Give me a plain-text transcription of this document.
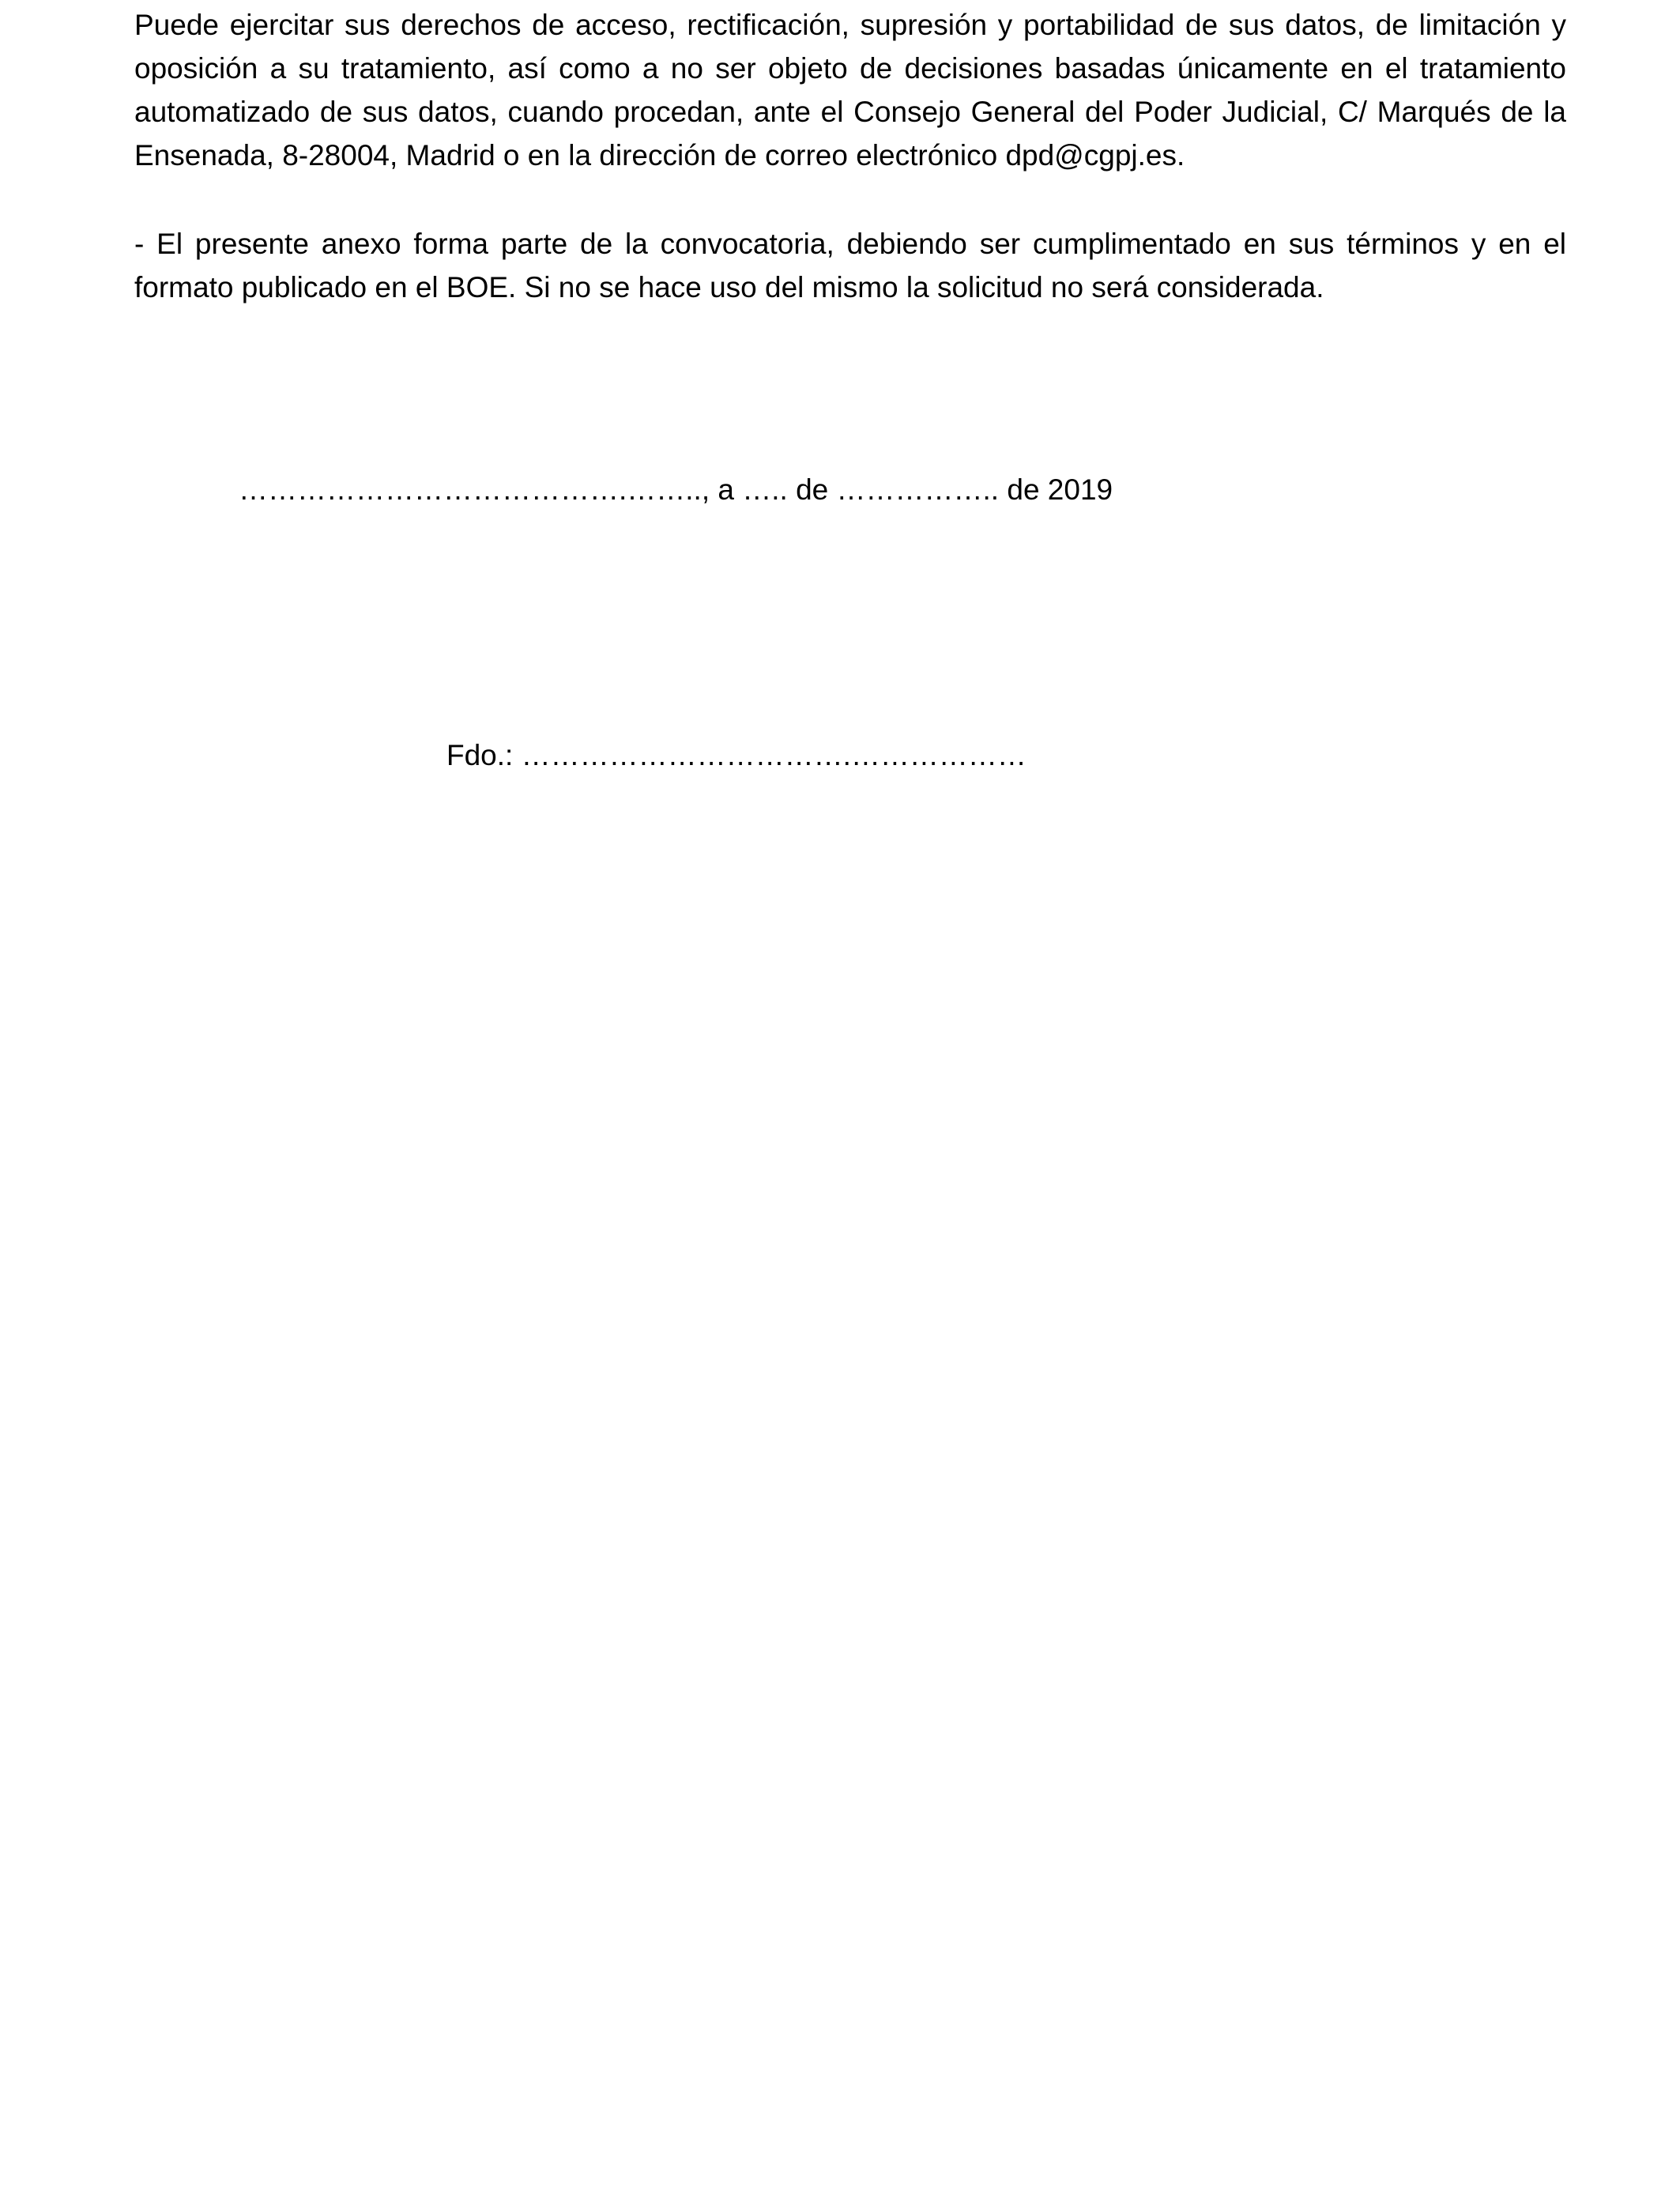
Puede ejercitar sus derechos de acceso, rectificación, supresión y portabilidad de sus datos, de limitación y oposición a su tratamiento, así como a no ser objeto de decisiones basadas únicamente en el tratamiento automatizado de sus datos, cuando procedan, ante el Consejo General del Poder Judicial, C/ Marqués de la Ensenada, 8-28004, Madrid o en la dirección de correo electrónico dpd@cgpj.es.

- El presente anexo forma parte de la convocatoria, debiendo ser cumplimentado en sus términos y en el formato publicado en el BOE. Si no se hace uso del mismo la solicitud no será considerada.

………………………………….…….., a ….. de …………….. de 2019
Fdo.: …………………………….………………
